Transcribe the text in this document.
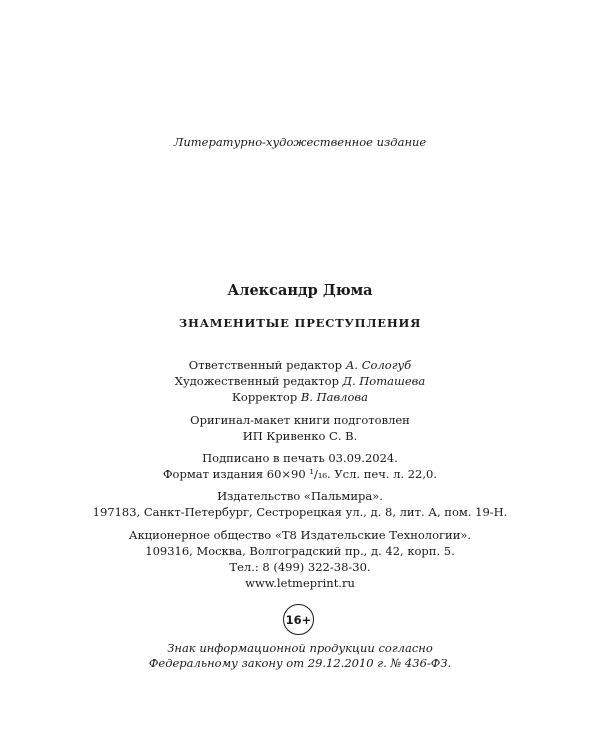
Литературно-художественное издание
Александр Дюма
ЗНАМЕНИТЫЕ ПРЕСТУПЛЕНИЯ
Ответственный редактор А. Сологуб
Художественный редактор Д. Поташева
Корректор В. Павлова
Оригинал-макет книги подготовлен
ИП Кривенко С. В.
Подписано в печать 03.09.2024.
Формат издания 60×90 ¹/₁₆. Усл. печ. л. 22,0.
Издательство «Пальмира».
197183, Санкт-Петербург, Сестрорецкая ул., д. 8, лит. А, пом. 19-Н.
Акционерное общество «Т8 Издательские Технологии».
109316, Москва, Волгоградский пр., д. 42, корп. 5.
Тел.: 8 (499) 322-38-30.
www.letmeprint.ru
16+
Знак информационной продукции согласно
Федеральному закону от 29.12.2010 г. № 436-ФЗ.
